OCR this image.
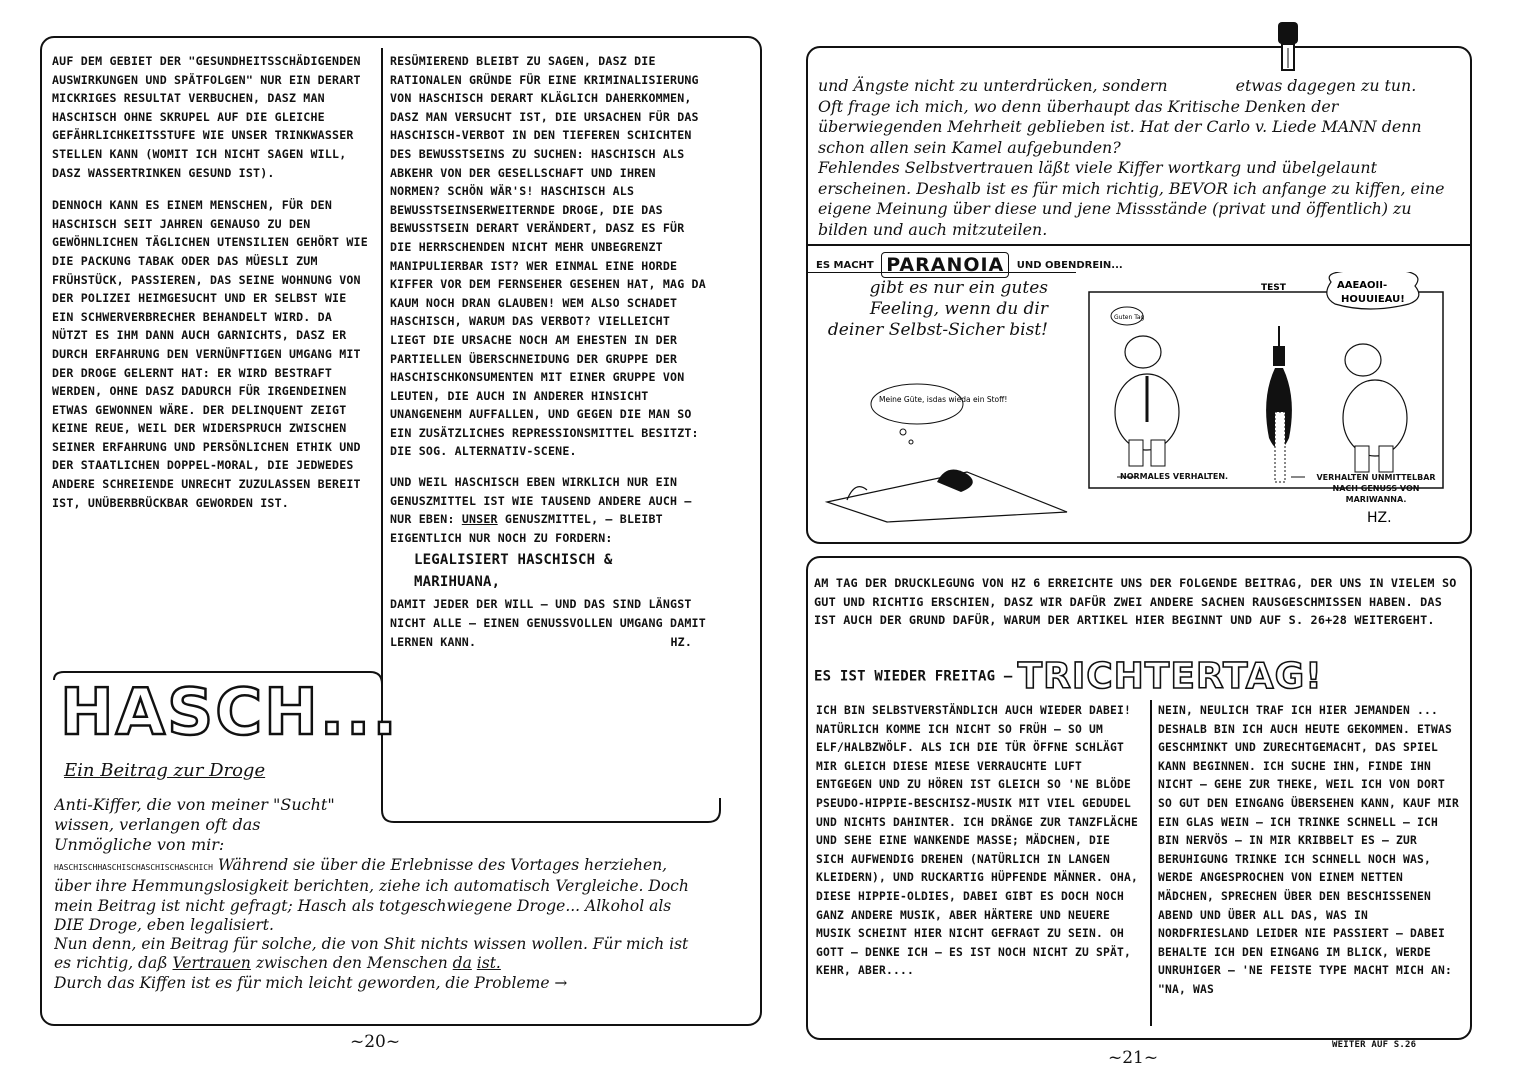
AUF DEM GEBIET DER "GESUNDHEITSSCHÄDIGENDEN AUSWIRKUNGEN UND SPÄTFOLGEN" NUR EIN DERART MICKRIGES RESULTAT VERBUCHEN, DASZ MAN HASCHISCH OHNE SKRUPEL AUF DIE GLEICHE GEFÄHRLICHKEITSSTUFE WIE UNSER TRINKWASSER STELLEN KANN (WOMIT ICH NICHT SAGEN WILL, DASZ WASSERTRINKEN GESUND IST).

DENNOCH KANN ES EINEM MENSCHEN, FÜR DEN HASCHISCH SEIT JAHREN GENAUSO ZU DEN GEWÖHNLICHEN TÄGLICHEN UTENSILIEN GEHÖRT WIE DIE PACKUNG TABAK ODER DAS MÜESLI ZUM FRÜHSTÜCK, PASSIEREN, DAS SEINE WOHNUNG VON DER POLIZEI HEIMGESUCHT UND ER SELBST WIE EIN SCHWERVERBRECHER BEHANDELT WIRD. DA NÜTZT ES IHM DANN AUCH GARNICHTS, DASZ ER DURCH ERFAHRUNG DEN VERNÜNFTIGEN UMGANG MIT DER DROGE GELERNT HAT: ER WIRD BESTRAFT WERDEN, OHNE DASZ DADURCH FÜR IRGENDEINEN ETWAS GEWONNEN WÄRE. DER DELINQUENT ZEIGT KEINE REUE, WEIL DER WIDERSPRUCH ZWISCHEN SEINER ERFAHRUNG UND PERSÖNLICHEN ETHIK UND DER STAATLICHEN DOPPEL-MORAL, DIE JEDWEDES ANDERE SCHREIENDE UNRECHT ZUZULASSEN BEREIT IST, UNÜBERBRÜCKBAR GEWORDEN IST.

RESÜMIEREND BLEIBT ZU SAGEN, DASZ DIE RATIONALEN GRÜNDE FÜR EINE KRIMINALISIERUNG VON HASCHISCH DERART KLÄGLICH DAHERKOMMEN, DASZ MAN VERSUCHT IST, DIE URSACHEN FÜR DAS HASCHISCH-VERBOT IN DEN TIEFEREN SCHICHTEN DES BEWUSSTSEINS ZU SUCHEN: HASCHISCH ALS ABKEHR VON DER GESELLSCHAFT UND IHREN NORMEN? SCHÖN WÄR'S! HASCHISCH ALS BEWUSSTSEINSERWEITERNDE DROGE, DIE DAS BEWUSSTSEIN DERART VERÄNDERT, DASZ ES FÜR DIE HERRSCHENDEN NICHT MEHR UNBEGRENZT MANIPULIERBAR IST? WER EINMAL EINE HORDE KIFFER VOR DEM FERNSEHER GESEHEN HAT, MAG DA KAUM NOCH DRAN GLAUBEN! WEM ALSO SCHADET HASCHISCH, WARUM DAS VERBOT? VIELLEICHT LIEGT DIE URSACHE NOCH AM EHESTEN IN DER PARTIELLEN ÜBERSCHNEIDUNG DER GRUPPE DER HASCHISCHKONSUMENTEN MIT EINER GRUPPE VON LEUTEN, DIE AUCH IN ANDERER HINSICHT UNANGENEHM AUFFALLEN, UND GEGEN DIE MAN SO EIN ZUSÄTZLICHES REPRESSIONSMITTEL BESITZT: DIE SOG. ALTERNATIV-SCENE.

UND WEIL HASCHISCH EBEN WIRKLICH NUR EIN GENUSZMITTEL IST WIE TAUSEND ANDERE AUCH – NUR EBEN: UNSER GENUSZMITTEL, – BLEIBT EIGENTLICH NUR NOCH ZU FORDERN:

LEGALISIERT HASCHISCH & MARIHUANA,

DAMIT JEDER DER WILL – UND DAS SIND LÄNGST NICHT ALLE – EINEN GENUSSVOLLEN UMGANG DAMIT LERNEN KANN.	HZ.

HASCH...
Ein Beitrag zur Droge

Anti-Kiffer, die von meiner "Sucht" wissen, verlangen oft das Unmögliche von mir:

HASCHISCHHASCHISCHASCHISCHASCHICH Während sie über die Erlebnisse des Vortages herziehen, über ihre Hemmungslosigkeit berichten, ziehe ich automatisch Vergleiche. Doch mein Beitrag ist nicht gefragt; Hasch als totgeschwiegene Droge... Alkohol als DIE Droge, eben legalisiert.

Nun denn, ein Beitrag für solche, die von Shit nichts wissen wollen. Für mich ist es richtig, daß Vertrauen zwischen den Menschen da ist.

Durch das Kiffen ist es für mich leicht geworden, die Probleme →

~20~

und Ängste nicht zu unterdrücken, sondern	etwas dagegen zu tun.

Oft frage ich mich, wo denn überhaupt das Kritische Denken der überwiegenden Mehrheit geblieben ist. Hat der Carlo v. Liede MANN denn schon allen sein Kamel aufgebunden?

Fehlendes Selbstvertrauen läßt viele Kiffer wortkarg und übelgelaunt erscheinen. Deshalb ist es für mich richtig, BEVOR ich anfange zu kiffen, eine eigene Meinung über diese und jene Missstände (privat und öffentlich) zu bilden und auch mitzuteilen.

ES MACHT PARANOIA UND OBENDREIN...
gibt es nur ein gutes Feeling, wenn du dir deiner Selbst-Sicher bist!
Meine Güte, isdas wieda ein Stoff!
TEST
Guten Tag
AAEAOII-
HOUUIEAU!
HZ.
NORMALES VERHALTEN.	VERHALTEN UNMITTELBAR NACH GENUSS VON MARIWANNA.
AM TAG DER DRUCKLEGUNG VON HZ 6 ERREICHTE UNS DER FOLGENDE BEITRAG, DER UNS IN VIELEM SO GUT UND RICHTIG ERSCHIEN, DASZ WIR DAFÜR ZWEI ANDERE SACHEN RAUSGESCHMISSEN HABEN. DAS IST AUCH DER GRUND DAFÜR, WARUM DER ARTIKEL HIER BEGINNT UND AUF S. 26+28 WEITERGEHT.
ES IST WIEDER FREITAG – TRICHTERTAG!
ICH BIN SELBSTVERSTÄNDLICH AUCH WIEDER DABEI! NATÜRLICH KOMME ICH NICHT SO FRÜH – SO UM ELF/HALBZWÖLF. ALS ICH DIE TÜR ÖFFNE SCHLÄGT MIR GLEICH DIESE MIESE VERRAUCHTE LUFT ENTGEGEN UND ZU HÖREN IST GLEICH SO 'NE BLÖDE PSEUDO-HIPPIE-BESCHISZ-MUSIK MIT VIEL GEDUDEL UND NICHTS DAHINTER. ICH DRÄNGE ZUR TANZFLÄCHE UND SEHE EINE WANKENDE MASSE; MÄDCHEN, DIE SICH AUFWENDIG DREHEN (NATÜRLICH IN LANGEN KLEIDERN), UND RUCKARTIG HÜPFENDE MÄNNER. OHA, DIESE HIPPIE-OLDIES, DABEI GIBT ES DOCH NOCH GANZ ANDERE MUSIK, ABER HÄRTERE UND NEUERE MUSIK SCHEINT HIER NICHT GEFRAGT ZU SEIN. OH GOTT – DENKE ICH – ES IST NOCH NICHT ZU SPÄT, KEHR, ABER....
NEIN, NEULICH TRAF ICH HIER JEMANDEN ... DESHALB BIN ICH AUCH HEUTE GEKOMMEN. ETWAS GESCHMINKT UND ZURECHTGEMACHT, DAS SPIEL KANN BEGINNEN. ICH SUCHE IHN, FINDE IHN NICHT – GEHE ZUR THEKE, WEIL ICH VON DORT SO GUT DEN EINGANG ÜBERSEHEN KANN, KAUF MIR EIN GLAS WEIN – ICH TRINKE SCHNELL – ICH BIN NERVÖS – IN MIR KRIBBELT ES – ZUR BERUHIGUNG TRINKE ICH SCHNELL NOCH WAS, WERDE ANGESPROCHEN VON EINEM NETTEN MÄDCHEN, SPRECHEN ÜBER DEN BESCHISSENEN ABEND UND ÜBER ALL DAS, WAS IN NORDFRIESLAND LEIDER NIE PASSIERT – DABEI BEHALTE ICH DEN EINGANG IM BLICK, WERDE UNRUHIGER – 'NE FEISTE TYPE MACHT MICH AN: "NA, WAS
WEITER AUF S.26
~21~
